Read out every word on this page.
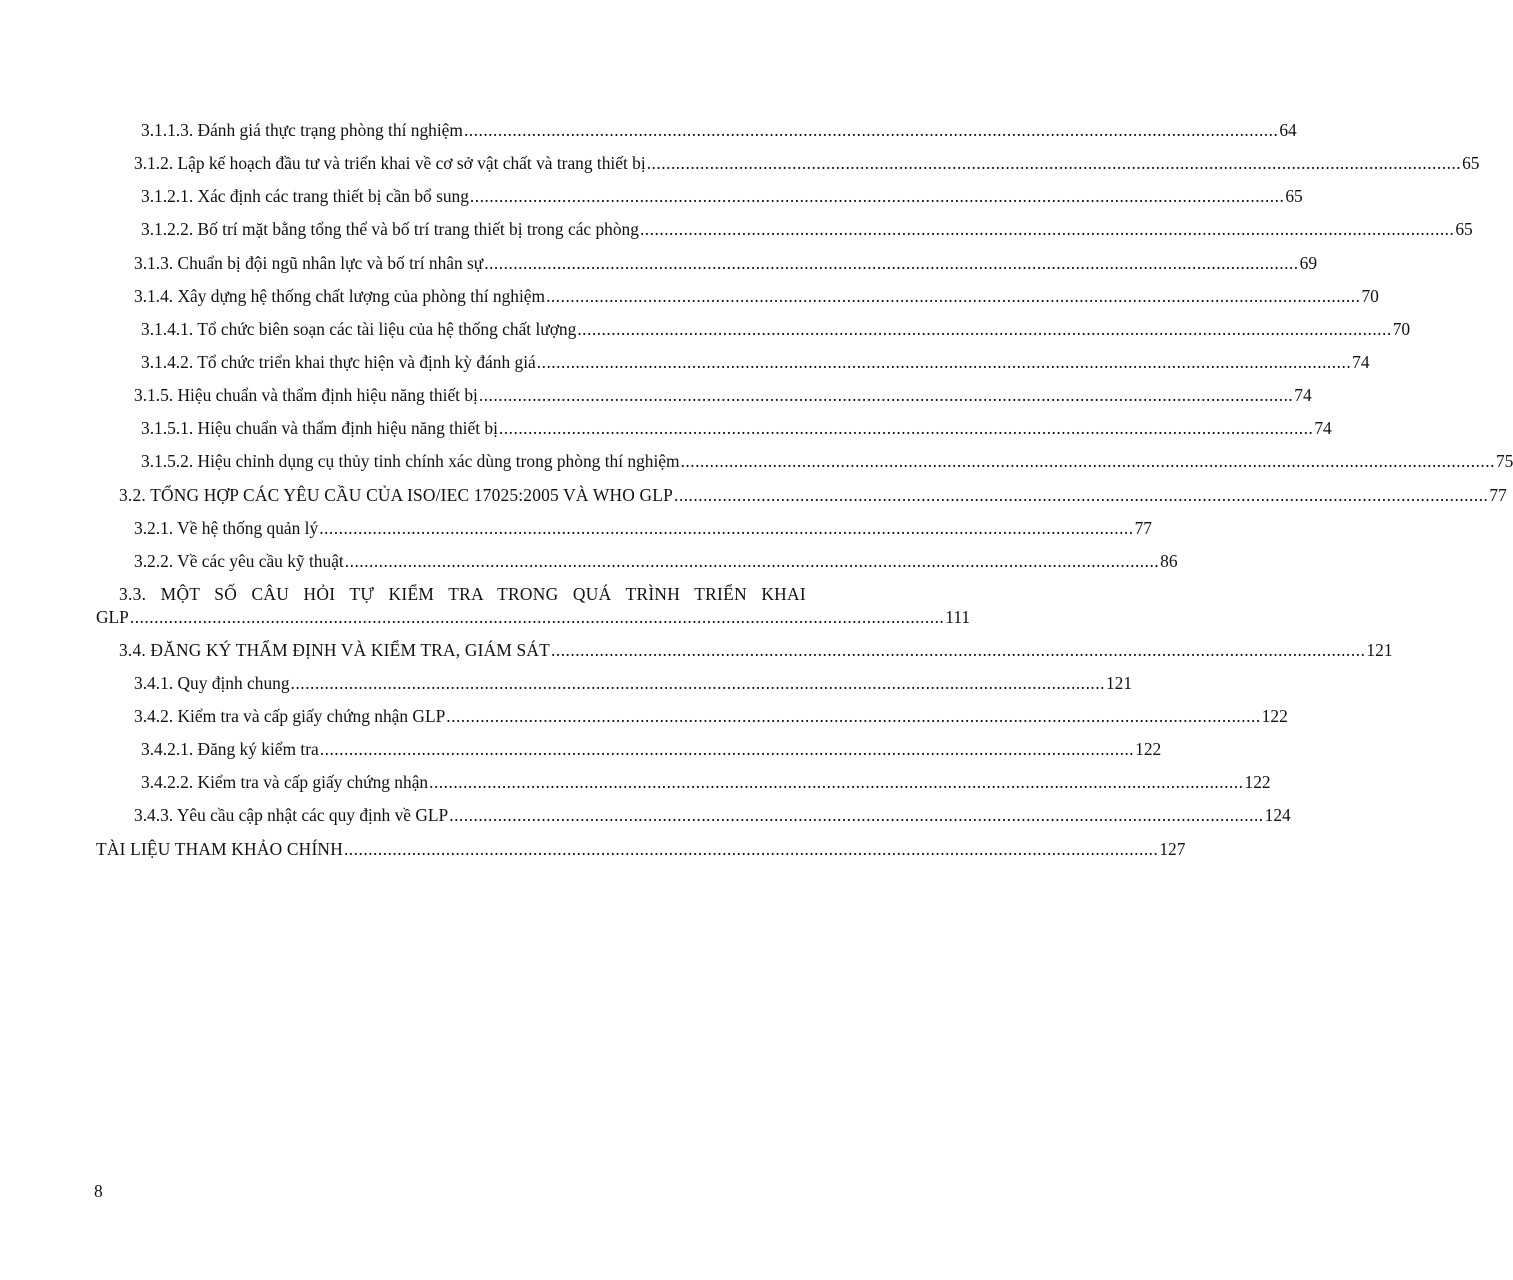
3.1.1.3. Đánh giá thực trạng phòng thí nghiệm ........................................................................................................................................................................ 64
3.1.2. Lập kế hoạch đầu tư và triển khai về cơ sở vật chất và trang thiết bị ........................................................................................................................................................................ 65
3.1.2.1. Xác định các trang thiết bị cần bổ sung ........................................................................................................................................................................ 65
3.1.2.2. Bố trí mặt bằng tổng thể và bố trí trang thiết bị trong các phòng ........................................................................................................................................................................ 65
3.1.3. Chuẩn bị đội ngũ nhân lực và bố trí nhân sự ........................................................................................................................................................................ 69
3.1.4. Xây dựng hệ thống chất lượng của phòng thí nghiệm ........................................................................................................................................................................ 70
3.1.4.1. Tổ chức biên soạn các tài liệu của hệ thống chất lượng ........................................................................................................................................................................ 70
3.1.4.2. Tổ chức triển khai thực hiện và định kỳ đánh giá ........................................................................................................................................................................ 74
3.1.5. Hiệu chuẩn và thẩm định hiệu năng thiết bị ........................................................................................................................................................................ 74
3.1.5.1. Hiệu chuẩn và thẩm định hiệu năng thiết bị ........................................................................................................................................................................ 74
3.1.5.2. Hiệu chỉnh dụng cụ thủy tinh chính xác dùng trong phòng thí nghiệm ........................................................................................................................................................................ 75
3.2. TỔNG HỢP CÁC YÊU CẦU CỦA ISO/IEC 17025:2005 VÀ WHO GLP ........................................................................................................................................................................ 77
3.2.1. Về hệ thống quản lý ........................................................................................................................................................................ 77
3.2.2. Về các yêu cầu kỹ thuật ........................................................................................................................................................................ 86
3.3. MỘT SỐ CÂU HỎI TỰ KIỂM TRA TRONG QUÁ TRÌNH TRIỂN KHAI
GLP ........................................................................................................................................................................ 111
3.4. ĐĂNG KÝ THẨM ĐỊNH VÀ KIỂM TRA, GIÁM SÁT ........................................................................................................................................................................ 121
3.4.1. Quy định chung ........................................................................................................................................................................ 121
3.4.2. Kiểm tra và cấp giấy chứng nhận GLP ........................................................................................................................................................................ 122
3.4.2.1. Đăng ký kiểm tra ........................................................................................................................................................................ 122
3.4.2.2. Kiểm tra và cấp giấy chứng nhận ........................................................................................................................................................................ 122
3.4.3. Yêu cầu cập nhật các quy định về GLP ........................................................................................................................................................................ 124
TÀI LIỆU THAM KHẢO CHÍNH ........................................................................................................................................................................ 127
8
